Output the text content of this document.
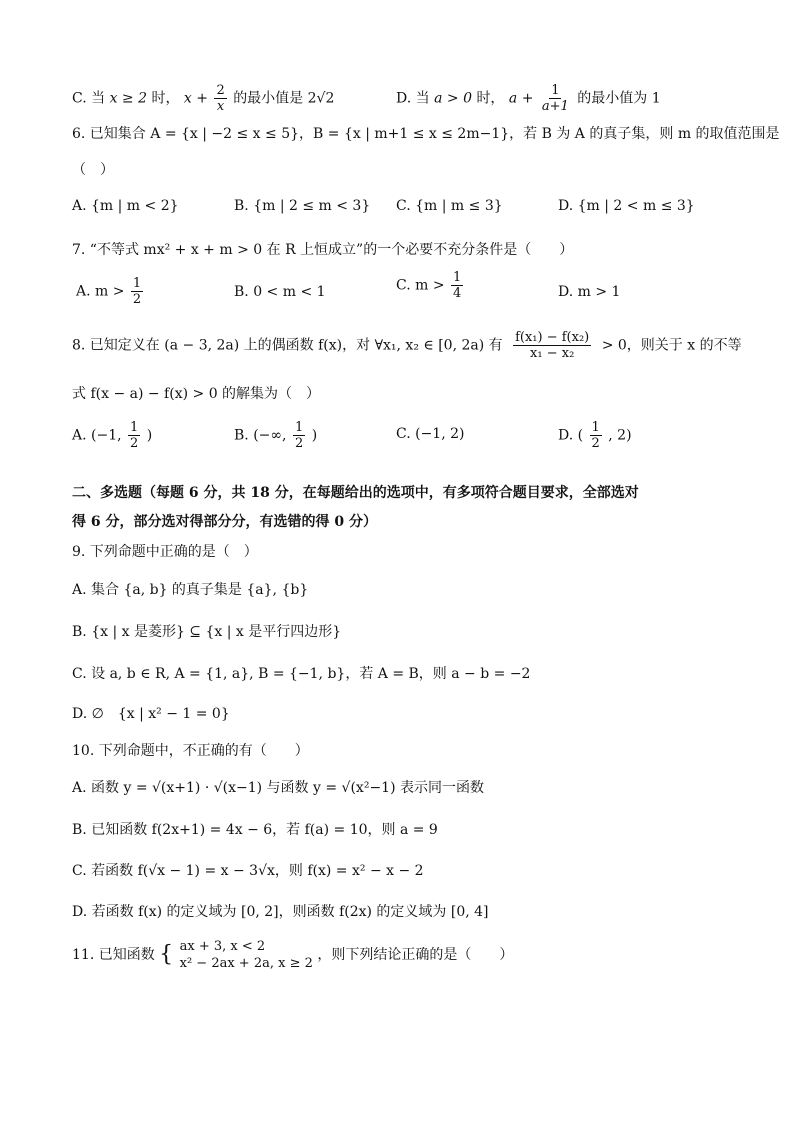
C. 当 x ≥ 2 时， $x + \frac{2}{x}$ 的最小值是 2√2	D. 当 a > 0 时， $a + \frac{1}{a+1}$ 的最小值为 1
6. 已知集合 A = {x | −2 ≤ x ≤ 5}，B = {x | m+1 ≤ x ≤ 2m−1}，若 B 为 A 的真子集，则 m 的取值范围是
（　）
A. {m | m < 2}	B. {m | 2 ≤ m < 3} C. {m | m ≤ 3}	D. {m | 2 < m ≤ 3}
7. “不等式 mx² + x + m > 0 在 R 上恒成立”的一个必要不充分条件是（　　）
A. $m > \frac{1}{2}$	B. 0 < m < 1	C. $m > \frac{1}{4}$	D. m > 1
8. 已知定义在 (a − 3, 2a) 上的偶函数 f(x)，对 ∀x₁, x₂ ∈ [0, 2a) 有 $\frac{\text{f(x₁) − f(x₂)}}{\text{x₁ − x₂}} > 0$，则关于 x 的不等
式 f(x − a) − f(x) > 0 的解集为（　）
A. (−1, $\frac{1}{2}$ )	B. (−∞, $\frac{1}{2}$ )	C. (−1, 2)	D. ( $\frac{1}{2}$ , 2)
二、多选题（每题 6 分，共 18 分，在每题给出的选项中，有多项符合题目要求，全部选对
得 6 分，部分选对得部分分，有选错的得 0 分）
9. 下列命题中正确的是（　）
A. 集合 {a, b} 的真子集是 {a}, {b}
B. {x | x 是菱形} ⊆ {x | x 是平行四边形}
C. 设 a, b ∈ R, A = {1, a}, B = {−1, b}，若 A = B，则 a − b = −2
D. ∅　{x | x² − 1 = 0}
10. 下列命题中，不正确的有（　　）
A. 函数 y = √(x+1) · √(x−1) 与函数 y = √(x²−1) 表示同一函数
B. 已知函数 f(2x+1) = 4x − 6，若 f(a) = 10，则 a = 9
C. 若函数 f(√x − 1) = x − 3√x，则 f(x) = x² − x − 2
D. 若函数 f(x) 的定义域为 [0, 2]，则函数 f(2x) 的定义域为 [0, 4]
11. 已知函数 { ax + 3, x < 2
x² − 2ax + 2a, x ≥ 2
，则下列结论正确的是（　　）
